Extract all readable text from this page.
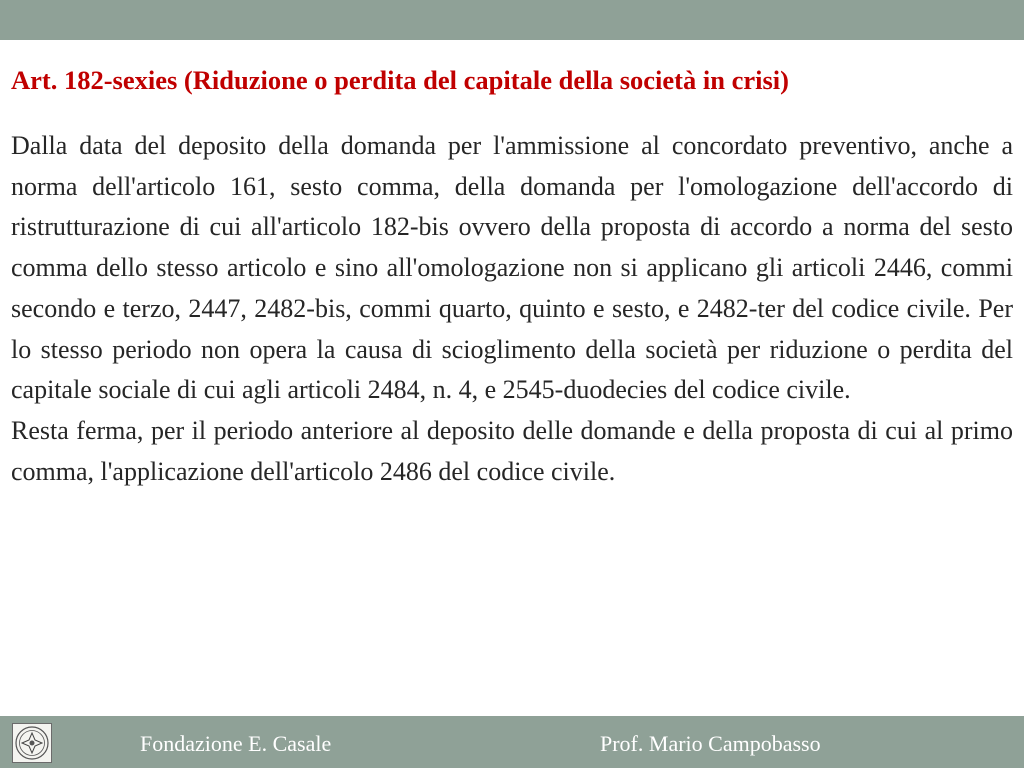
Art. 182-sexies (Riduzione o perdita del capitale della società in crisi)

Dalla data del deposito della domanda per l'ammissione al concordato preventivo, anche a norma dell'articolo 161, sesto comma, della domanda per l'omologazione dell'accordo di ristrutturazione di cui all'articolo 182-bis ovvero della proposta di accordo a norma del sesto comma dello stesso articolo e sino all'omologazione non si applicano gli articoli 2446, commi secondo e terzo, 2447, 2482-bis, commi quarto, quinto e sesto, e 2482-ter del codice civile. Per lo stesso periodo non opera la causa di scioglimento della società per riduzione o perdita del capitale sociale di cui agli articoli 2484, n. 4, e 2545-duodecies del codice civile.

Resta ferma, per il periodo anteriore al deposito delle domande e della proposta di cui al primo comma, l'applicazione dell'articolo 2486 del codice civile.

Fondazione E. Casale	Prof. Mario Campobasso
